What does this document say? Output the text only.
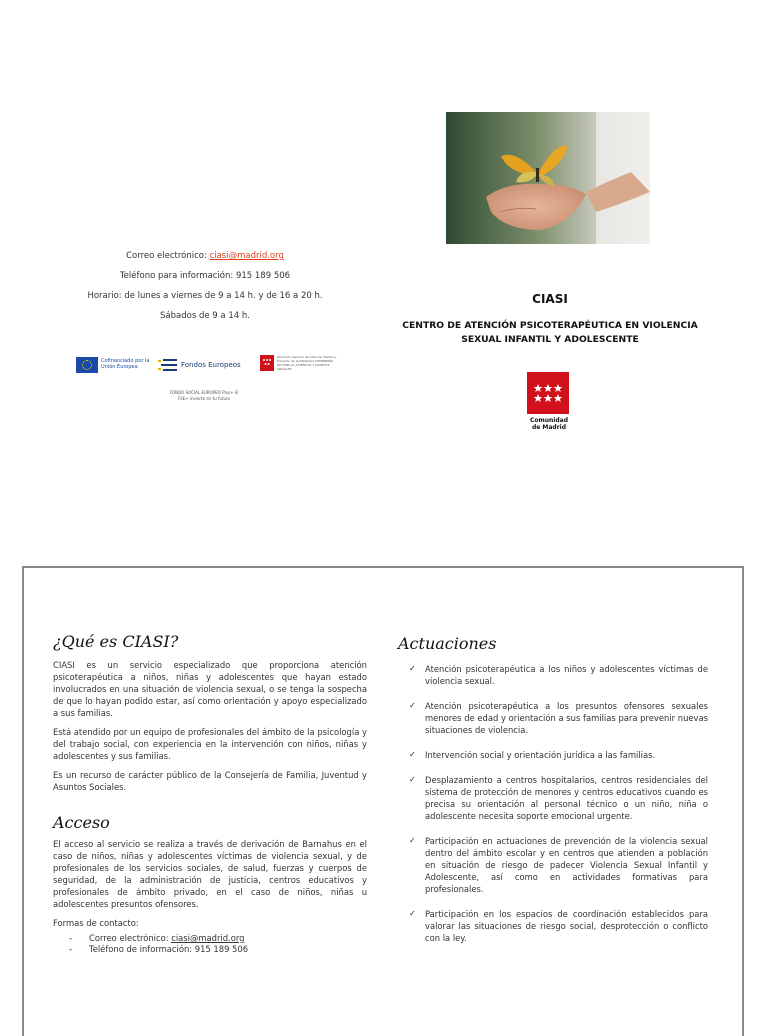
Correo electrónico: ciasi@madrid.org
Teléfono para información: 915 189 506
Horario: de lunes a viernes de 9 a 14 h. y de 16 a 20 h.
Sábados de 9 a 14 h.
Cofinanciado por la Unión Europea	Fondos Europeos
Dirección General de Infancia, Familia y Fomento de la Natalidad CONSEJERÍA DE FAMILIA, JUVENTUD Y ASUNTOS SOCIALES
FONDO SOCIAL EUROPEO Plus+ El FSE+ invierte en tu futuro
CIASI
CENTRO DE ATENCIÓN PSICOTERAPÉUTICA EN VIOLENCIA SEXUAL INFANTIL Y ADOLESCENTE
Comunidad
de Madrid
¿Qué es CIASI?

CIASI es un servicio especializado que proporciona atención psicoterapéutica a niños, niñas y adolescentes que hayan estado involucrados en una situación de violencia sexual, o se tenga la sospecha de que lo hayan podido estar, así como orientación y apoyo especializado a sus familias.

Está atendido por un equipo de profesionales del ámbito de la psicología y del trabajo social, con experiencia en la intervención con niños, niñas y adolescentes y sus familias.

Es un recurso de carácter público de la Consejería de Familia, Juventud y Asuntos Sociales.

Acceso

El acceso al servicio se realiza a través de derivación de Barnahus en el caso de niños, niñas y adolescentes víctimas de violencia sexual, y de profesionales de los servicios sociales, de salud, fuerzas y cuerpos de seguridad, de la administración de justicia, centros educativos y profesionales de ámbito privado, en el caso de niños, niñas u adolescentes presuntos ofensores.

Formas de contacto:

- Correo electrónico: ciasi@madrid.org
- Teléfono de información: 915 189 506
Actuaciones
✓ Atención psicoterapéutica a los niños y adolescentes víctimas de violencia sexual.
✓ Atención psicoterapéutica a los presuntos ofensores sexuales menores de edad y orientación a sus familias para prevenir nuevas situaciones de violencia.
✓ Intervención social y orientación jurídica a las familias.
✓ Desplazamiento a centros hospitalarios, centros residenciales del sistema de protección de menores y centros educativos cuando es precisa su orientación al personal técnico o un niño, niña o adolescente necesita soporte emocional urgente.
✓ Participación en actuaciones de prevención de la violencia sexual dentro del ámbito escolar y en centros que atienden a población en situación de riesgo de padecer Violencia Sexual Infantil y Adolescente, así como en actividades formativas para profesionales.
✓ Participación en los espacios de coordinación establecidos para valorar las situaciones de riesgo social, desprotección o conflicto con la ley.
